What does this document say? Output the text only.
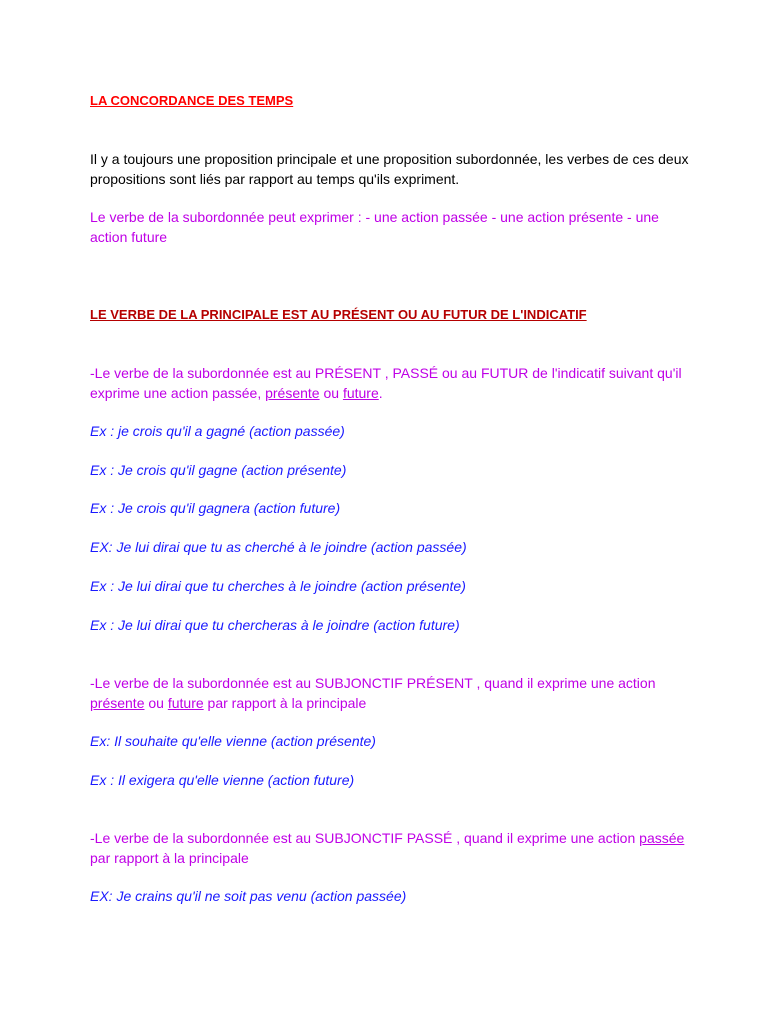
LA CONCORDANCE DES TEMPS

Il y a toujours une proposition principale et une proposition subordonnée, les verbes de ces deux propositions sont liés par rapport au temps qu'ils expriment.

Le verbe de la subordonnée peut exprimer : - une action passée - une action présente - une action future

LE VERBE DE LA PRINCIPALE EST AU PRÉSENT OU AU FUTUR DE L'INDICATIF

-Le verbe de la subordonnée est au PRÉSENT , PASSÉ ou au FUTUR de l'indicatif suivant qu'il exprime une action passée, présente ou future.

Ex : je crois qu'il a gagné (action passée)

Ex : Je crois qu'il gagne (action présente)

Ex : Je crois qu'il gagnera (action future)

EX: Je lui dirai que tu as cherché à le joindre (action passée)

Ex : Je lui dirai que tu cherches à le joindre (action présente)

Ex : Je lui dirai que tu chercheras à le joindre (action future)

-Le verbe de la subordonnée est au SUBJONCTIF PRÉSENT , quand il exprime une action présente ou future par rapport à la principale

Ex: Il souhaite qu'elle vienne (action présente)

Ex : Il exigera qu'elle vienne (action future)

-Le verbe de la subordonnée est au SUBJONCTIF PASSÉ , quand il exprime une action passée par rapport à la principale

EX: Je crains qu'il ne soit pas venu (action passée)
